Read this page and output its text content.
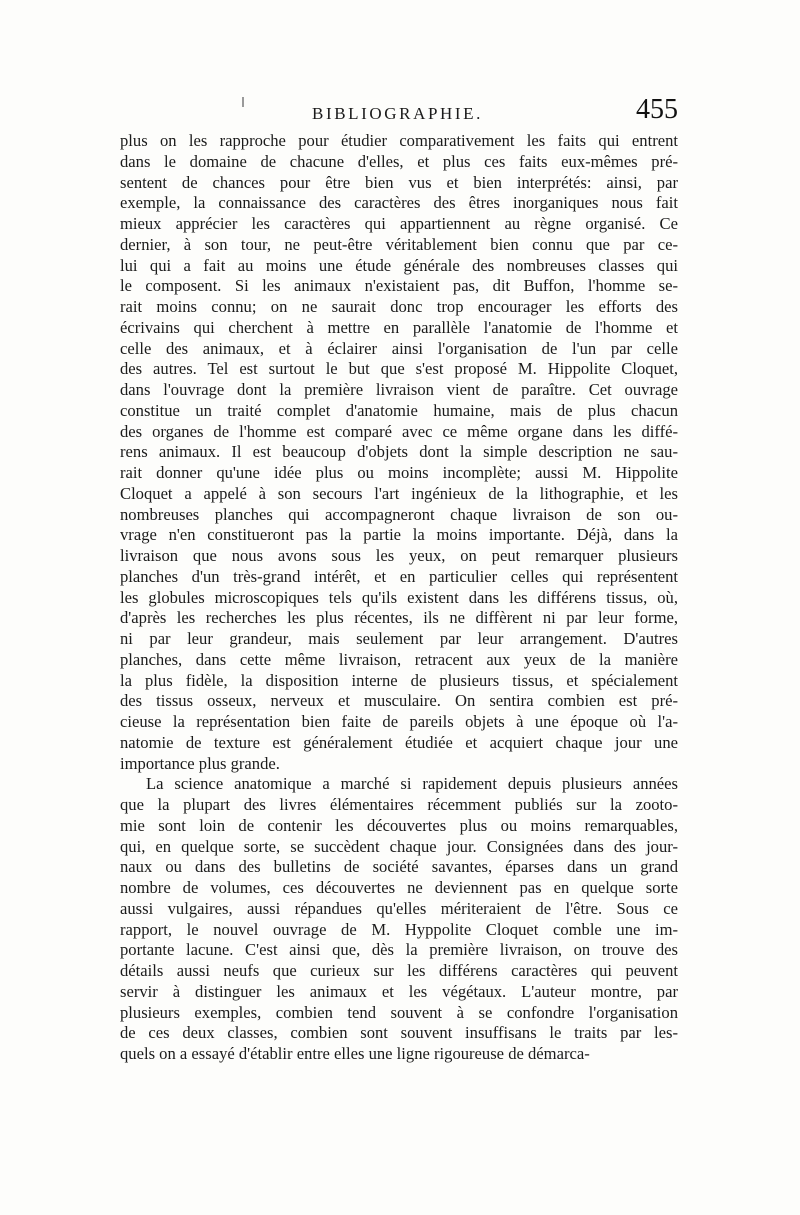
BIBLIOGRAPHIE.	455
plus on les rapproche pour étudier comparativement les faits qui entrent
dans le domaine de chacune d'elles, et plus ces faits eux-mêmes pré-
sentent de chances pour être bien vus et bien interprétés: ainsi, par
exemple, la connaissance des caractères des êtres inorganiques nous fait
mieux apprécier les caractères qui appartiennent au règne organisé. Ce
dernier, à son tour, ne peut-être véritablement bien connu que par ce-
lui qui a fait au moins une étude générale des nombreuses classes qui
le composent. Si les animaux n'existaient pas, dit Buffon, l'homme se-
rait moins connu; on ne saurait donc trop encourager les efforts des
écrivains qui cherchent à mettre en parallèle l'anatomie de l'homme et
celle des animaux, et à éclairer ainsi l'organisation de l'un par celle
des autres. Tel est surtout le but que s'est proposé M. Hippolite Cloquet,
dans l'ouvrage dont la première livraison vient de paraître. Cet ouvrage
constitue un traité complet d'anatomie humaine, mais de plus chacun
des organes de l'homme est comparé avec ce même organe dans les diffé-
rens animaux. Il est beaucoup d'objets dont la simple description ne sau-
rait donner qu'une idée plus ou moins incomplète; aussi M. Hippolite
Cloquet a appelé à son secours l'art ingénieux de la lithographie, et les
nombreuses planches qui accompagneront chaque livraison de son ou-
vrage n'en constitueront pas la partie la moins importante. Déjà, dans la
livraison que nous avons sous les yeux, on peut remarquer plusieurs
planches d'un très-grand intérêt, et en particulier celles qui représentent
les globules microscopiques tels qu'ils existent dans les différens tissus, où,
d'après les recherches les plus récentes, ils ne diffèrent ni par leur forme,
ni par leur grandeur, mais seulement par leur arrangement. D'autres
planches, dans cette même livraison, retracent aux yeux de la manière
la plus fidèle, la disposition interne de plusieurs tissus, et spécialement
des tissus osseux, nerveux et musculaire. On sentira combien est pré-
cieuse la représentation bien faite de pareils objets à une époque où l'a-
natomie de texture est généralement étudiée et acquiert chaque jour une
importance plus grande.
La science anatomique a marché si rapidement depuis plusieurs années
que la plupart des livres élémentaires récemment publiés sur la zooto-
mie sont loin de contenir les découvertes plus ou moins remarquables,
qui, en quelque sorte, se succèdent chaque jour. Consignées dans des jour-
naux ou dans des bulletins de société savantes, éparses dans un grand
nombre de volumes, ces découvertes ne deviennent pas en quelque sorte
aussi vulgaires, aussi répandues qu'elles mériteraient de l'être. Sous ce
rapport, le nouvel ouvrage de M. Hyppolite Cloquet comble une im-
portante lacune. C'est ainsi que, dès la première livraison, on trouve des
détails aussi neufs que curieux sur les différens caractères qui peuvent
servir à distinguer les animaux et les végétaux. L'auteur montre, par
plusieurs exemples, combien tend souvent à se confondre l'organisation
de ces deux classes, combien sont souvent insuffisans le traits par les-
quels on a essayé d'établir entre elles une ligne rigoureuse de démarca-
